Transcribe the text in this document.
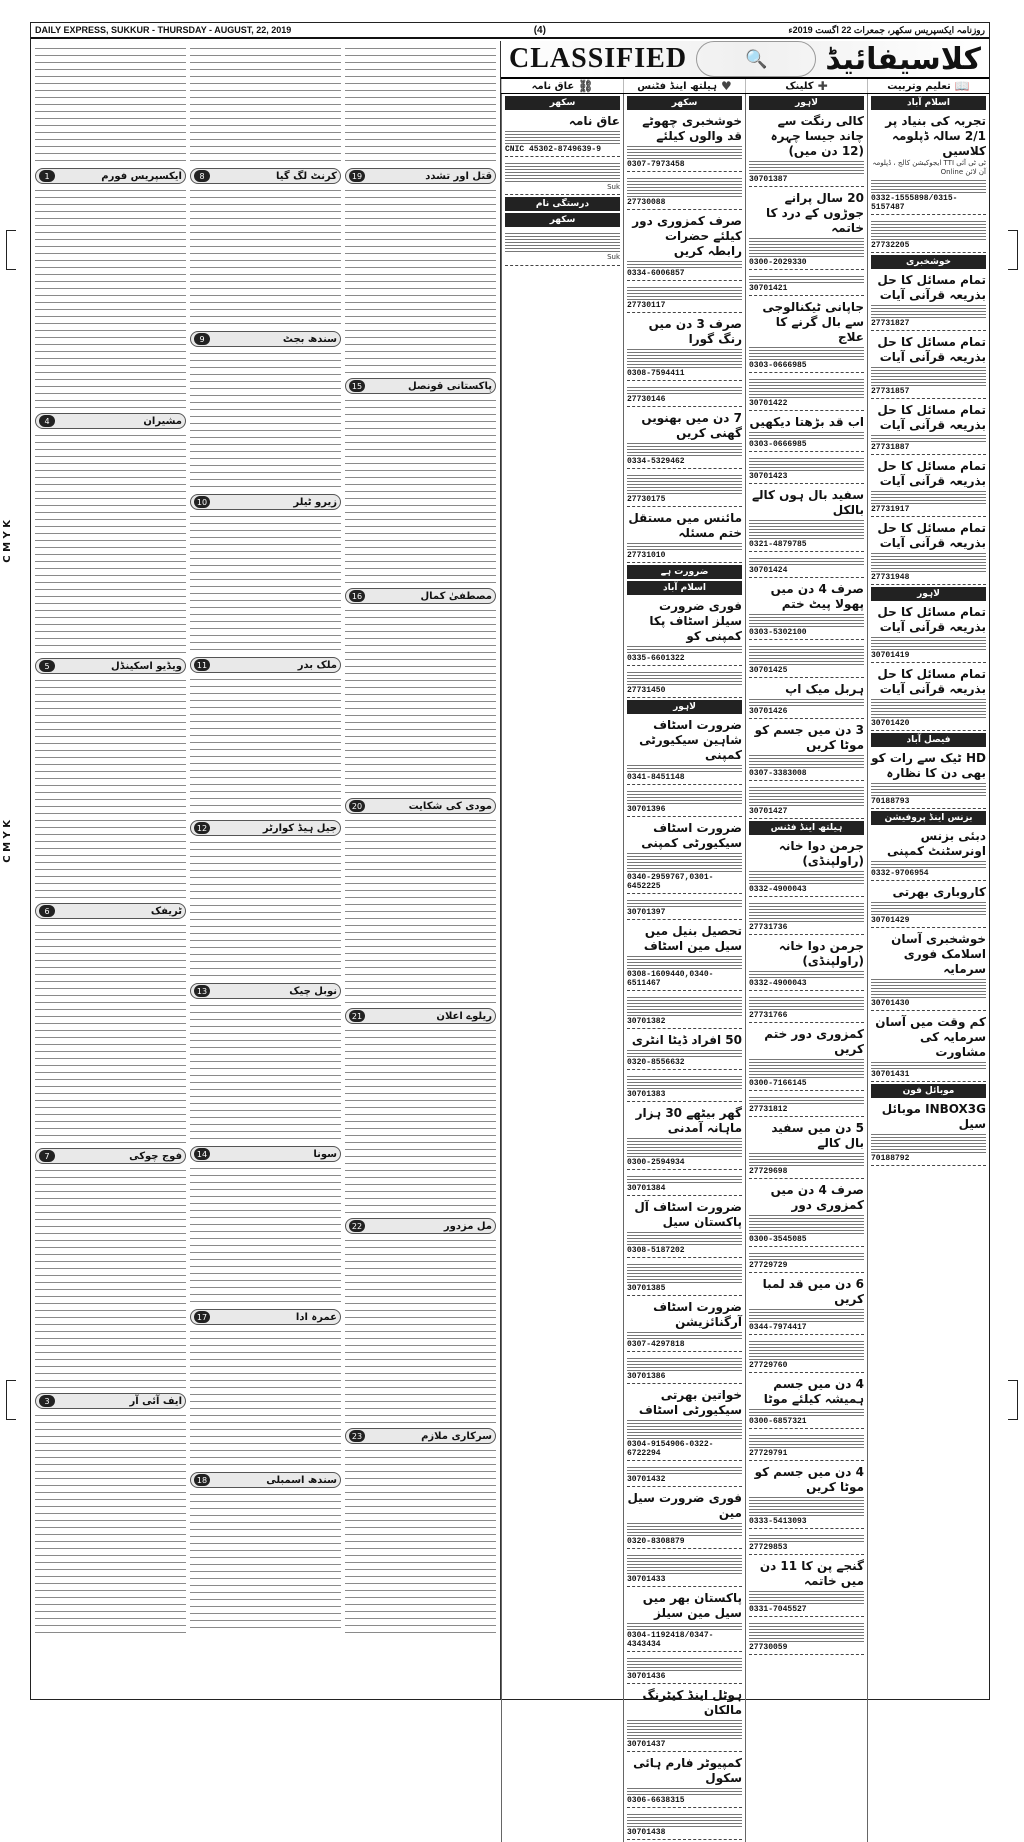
C M Y K
C M Y K
DAILY EXPRESS, SUKKUR - THURSDAY - AUGUST, 22, 2019	(4)	روزنامہ ایکسپریس سکھر، جمعرات 22 اگست 2019ء
CLASSIFIED	🔍	کلاسیفائیڈ
📖
تعلیم وتربیت
✚
کلینک
♥
ہیلتھ اینڈ فٹنس
⛓
عاق نامہ
اسلام آباد
تجربہ کی بنیاد پر 2/1 سالہ ڈپلومہ کلاسیں
ٹی ٹی آئی TTI ایجوکیشن کالج ، ڈپلومہ آن لائن Online
0332-1555898/0315-5157487
27732205
خوشخبری
تمام مسائل کا حل بذریعہ قرآنی آیات
27731827
تمام مسائل کا حل بذریعہ قرآنی آیات
27731857
تمام مسائل کا حل بذریعہ قرآنی آیات
27731887
تمام مسائل کا حل بذریعہ قرآنی آیات
27731917
تمام مسائل کا حل بذریعہ قرآنی آیات
27731948
لاہور
تمام مسائل کا حل بذریعہ قرآنی آیات
30701419
تمام مسائل کا حل بذریعہ قرآنی آیات
30701420
فیصل آباد
HD ٹیک سے رات کو بھی دن کا نظارہ
70188793
بزنس اینڈ پروفیشن
دبئی بزنس اونرسٹنٹ کمپنی
0332-9706954
کاروباری بھرتی
30701429
خوشخبری آسان اسلامک فوری سرمایہ
30701430
کم وقت میں آسان سرمایہ کی مشاورت
30701431
موبائل فون
INBOX3G موبائل سیل
70188792
لاہور
کالی رنگت سے چاند جیسا چہرہ (12 دن میں)
30701387
20 سال پرانے جوڑوں کے درد کا خاتمہ
0300-2029330
30701421
جاپانی ٹیکنالوجی سے بال گرنے کا علاج
0303-0666985
30701422
اب قد بڑھتا دیکھیں
0303-0666985
30701423
سفید بال ہوں کالے بالکل
0321-4879785
30701424
صرف 4 دن میں پھولا پیٹ ختم
0303-5302100
30701425
ہربل میک اپ
30701426
3 دن میں جسم کو موٹا کریں
0307-3383008
30701427
ہیلتھ اینڈ فٹنس
جرمن دوا خانہ (راولپنڈی)
0332-4900043
27731736
جرمن دوا خانہ (راولپنڈی)
0332-4900043
27731766
کمزوری دور ختم کریں
0300-7166145
27731812
5 دن میں سفید بال کالے
27729698
صرف 4 دن میں کمزوری دور
0300-3545085
27729729
6 دن میں قد لمبا کریں
0344-7974417
27729760
4 دن میں جسم ہمیشہ کیلئے موٹا
0300-6857321
27729791
4 دن میں جسم کو موٹا کریں
0333-5413093
27729853
گنجے پن کا 11 دن میں خاتمہ
0331-7045527
27730059
سکھر
خوشخبری چھوٹے قد والوں کیلئے
0307-7973458
27730088
صرف کمزوری دور کیلئے حضرات رابطہ کریں
0334-6006857
27730117
صرف 3 دن میں رنگ گورا
0308-7594411
27730146
7 دن میں بھنویں گھنی کریں
0334-5329462
27730175
مائنس میں مستقل ختم مسئلہ
27731010
ضرورت ہے
اسلام آباد
فوری ضرورت سیلز اسٹاف پکا کمپنی کو
0335-6601322
27731450
لاہور
ضرورت اسٹاف شاہین سیکیورٹی کمپنی
0341-8451148
30701396
ضرورت اسٹاف سیکیورٹی کمپنی
0340-2959767,0301-6452225
30701397
تحصیل بنیل میں سیل مین اسٹاف
0308-1609440,0340-6511467
30701382
50 افراد ڈیٹا انٹری
0320-8556632
30701383
گھر بیٹھے 30 ہزار ماہانہ آمدنی
0300-2594934
30701384
ضرورت اسٹاف آل پاکستان سیل
0308-5187202
30701385
ضرورت اسٹاف آرگنائزیشن
0307-4297818
30701386
خواتین بھرتی سیکیورٹی اسٹاف
0304-9154906-0322-6722294
30701432
فوری ضرورت سیل مین
0320-8308879
30701433
پاکستان بھر میں سیل مین سیلز
0304-1192418/0347-4343434
30701436
ہوٹل اینڈ کیٹرنگ مالکان
30701437
کمپیوٹر فارم ہائی سکول
0306-6638315
30701438
سکھر
عاق نامہ
CNIC 45302-8749639-9
Suk
درستگی نام
سکھر
Suk
1	ایکسپریس فورم
4	مشیران
5	ویڈیو اسکینڈل
6	ٹریفک
7	فوج چوکی
3	ایف آئی آر
8	کرنٹ لگ گیا
9	سندھ بجٹ
10	زیرو ٹیلر
11	ملک بدر
12	جیل ہیڈ کوارٹر
13	نوبل چیک
14	سونا
17	عمرہ ادا
18	سندھ اسمبلی
19	قتل اور تشدد
15	پاکستانی قونصل
16	مصطفیٰ کمال
20	مودی کی شکایت
21	ریلوے اعلان
22	مل مزدور
23	سرکاری ملازم
